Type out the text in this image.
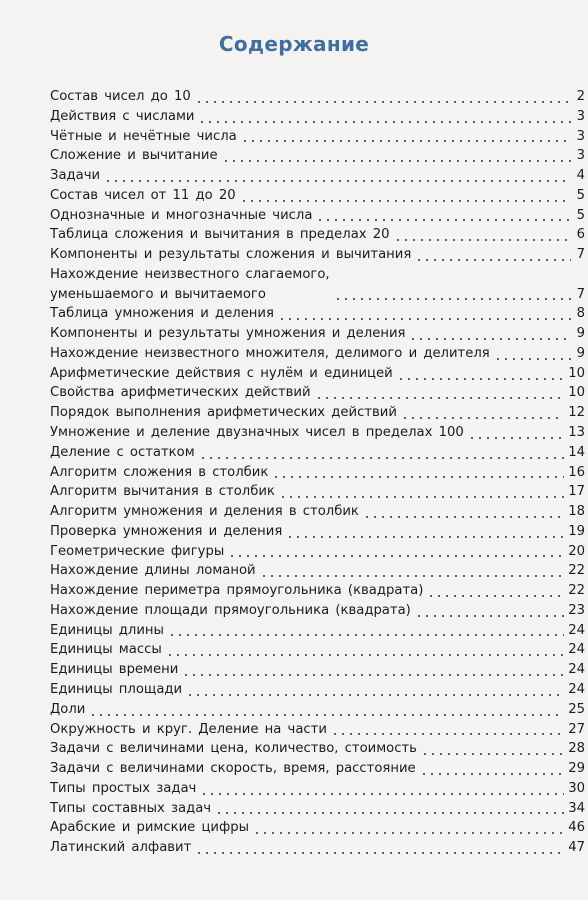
Содержание
Состав чисел до 10	2
Действия с числами	3
Чётные и нечётные числа	3
Сложение и вычитание	3
Задачи	4
Состав чисел от 11 до 20	5
Однозначные и многозначные числа	5
Таблица сложения и вычитания в пределах 20	6
Компоненты и результаты сложения и вычитания	7
Нахождение неизвестного слагаемого,
уменьшаемого и вычитаемого	7
Таблица умножения и деления	8
Компоненты и результаты умножения и деления	9
Нахождение неизвестного множителя, делимого и делителя	9
Арифметические действия с нулём и единицей	10
Свойства арифметических действий	10
Порядок выполнения арифметических действий	12
Умножение и деление двузначных чисел в пределах 100	13
Деление с остатком	14
Алгоритм сложения в столбик	16
Алгоритм вычитания в столбик	17
Алгоритм умножения и деления в столбик	18
Проверка умножения и деления	19
Геометрические фигуры	20
Нахождение длины ломаной	22
Нахождение периметра прямоугольника (квадрата)	22
Нахождение площади прямоугольника (квадрата)	23
Единицы длины	24
Единицы массы	24
Единицы времени	24
Единицы площади	24
Доли	25
Окружность и круг. Деление на части	27
Задачи с величинами цена, количество, стоимость	28
Задачи с величинами скорость, время, расстояние	29
Типы простых задач	30
Типы составных задач	34
Арабские и римские цифры	46
Латинский алфавит	47
